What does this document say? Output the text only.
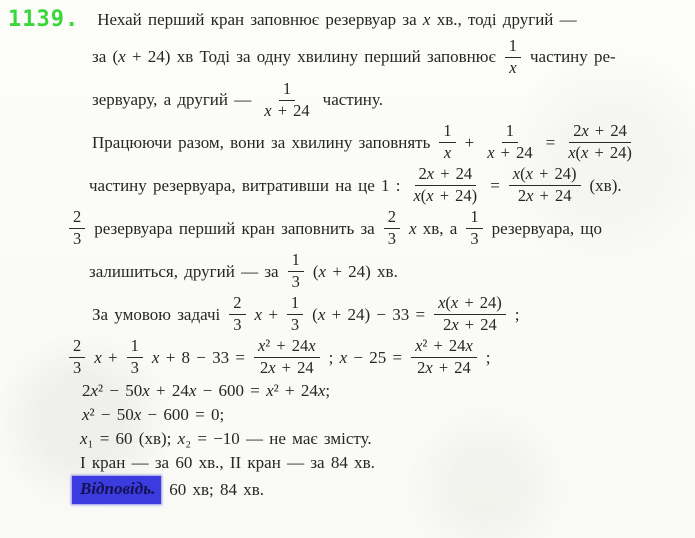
1139. Нехай перший кран заповнює резервуар за x хв., тоді другий —
за (x + 24) хв Тоді за одну хвилину перший заповнює $\frac{1}{x}$ частину ре-
зервуару, а другий — $\frac{1}{x + 24}$ частину.
Працюючи разом, вони за хвилину заповнять $\frac{1}{x} + \frac{1}{x + 24} = \frac{2x + 24}{x(x + 24)}$
частину резервуара, витративши на це 1 : $\frac{2x + 24}{x(x + 24)} = \frac{x(x + 24)}{2x + 24} (хв)$.
$\frac{2}{3}$ резервуара перший кран заповнить за $\frac{2}{3}$ x хв, а $\frac{1}{3}$ резервуара, що
залишиться, другий — за $\frac{1}{3} (x + 24)$ хв.
За умовою задачі $\frac{2}{3}$ $x + \frac{1}{3} (x + 24) - 33 = \frac{x(x + 24)}{2x + 24}$ ;
$\frac{2}{3}$ $x + \frac{1}{3}$ $x + 8 - 33 = \frac{\text{x² + 24x}}{2x + 24}$ ; $x - 25 = \frac{\text{x² + 24x}}{2x + 24}$ ;
2x² − 50x + 24x − 600 = x² + 24x;
x² − 50x − 600 = 0;
x₁ = 60 (хв); x₂ = −10 — не має змісту.
I кран — за 60 хв., II кран — за 84 хв.
Відповідь. 60 хв; 84 хв.
